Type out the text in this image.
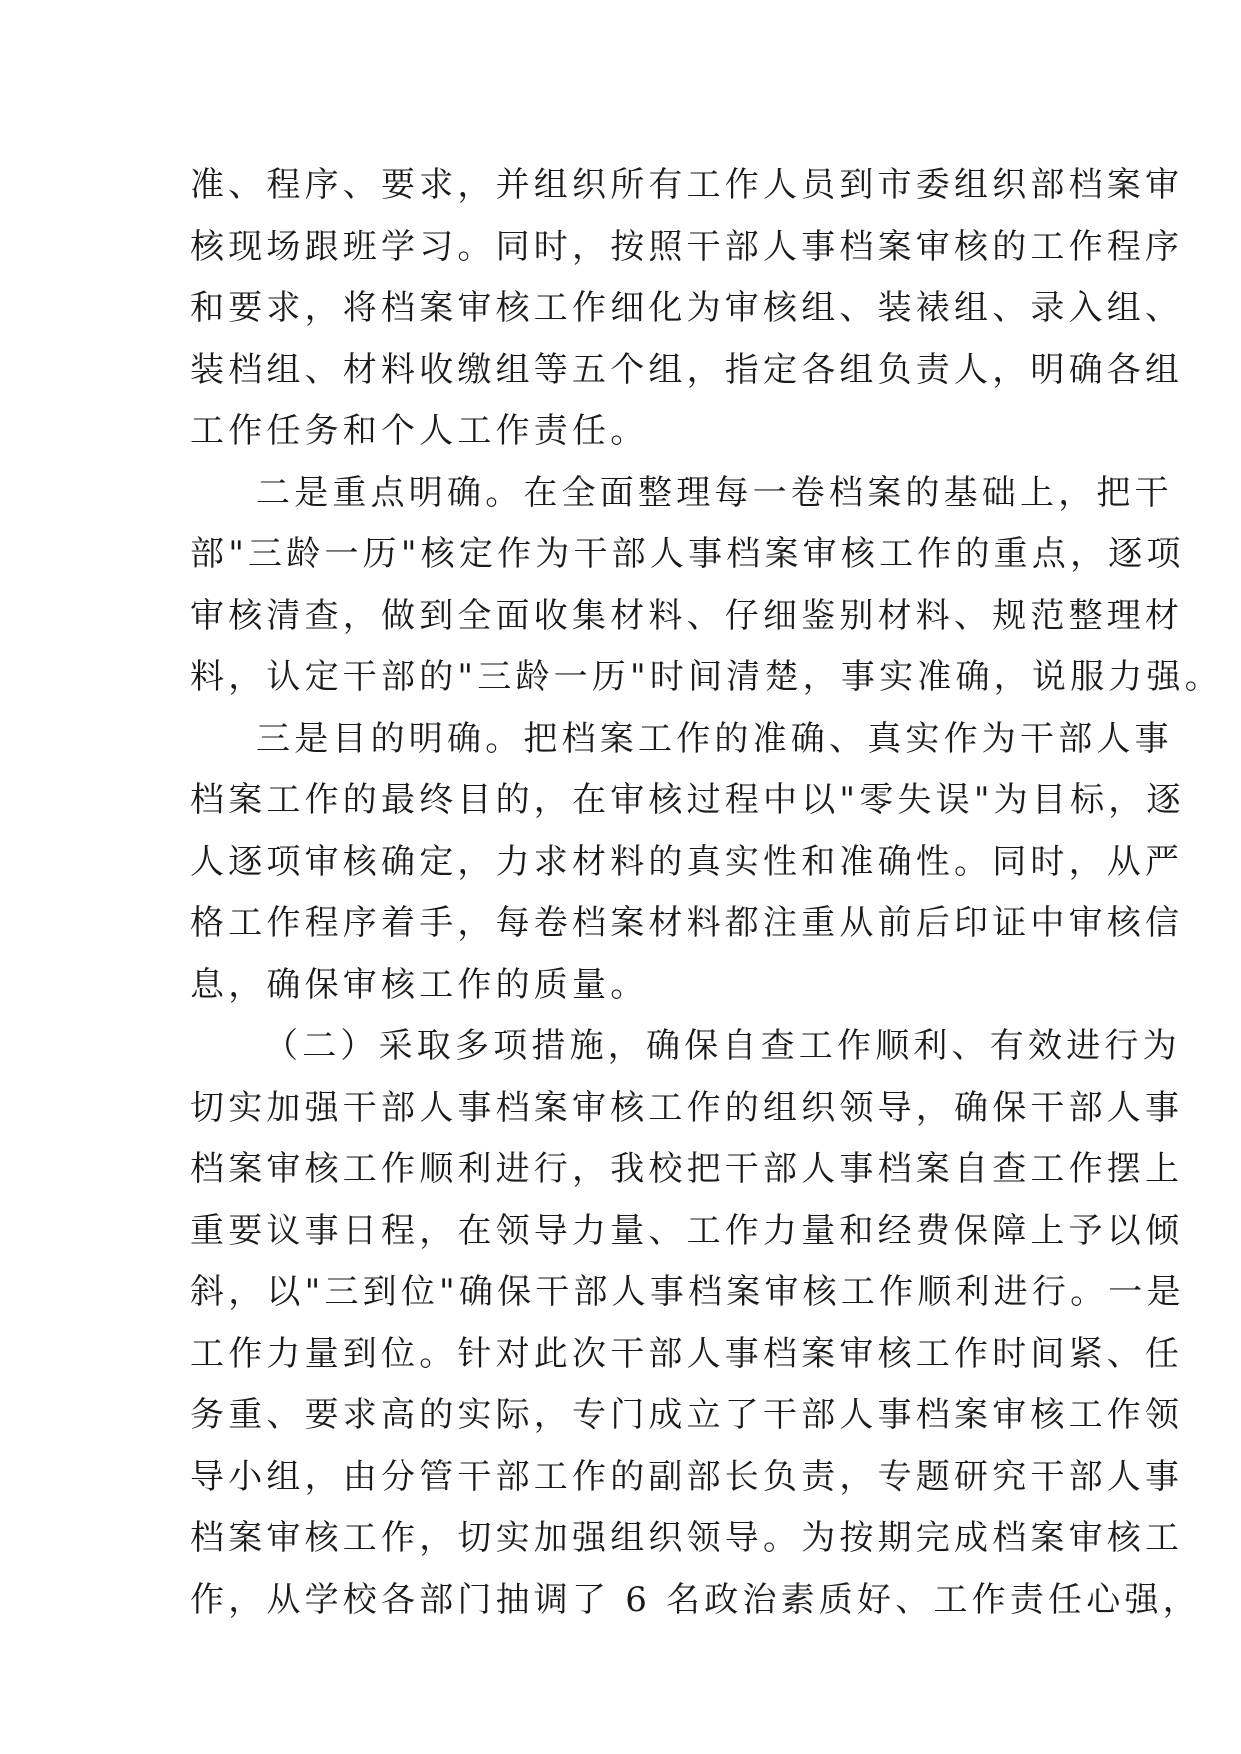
准、程序、要求，并组织所有工作人员到市委组织部档案审
核现场跟班学习。同时，按照干部人事档案审核的工作程序
和要求，将档案审核工作细化为审核组、装裱组、录入组、
装档组、材料收缴组等五个组，指定各组负责人，明确各组
工作任务和个人工作责任。
二是重点明确。在全面整理每一卷档案的基础上，把干
部"三龄一历"核定作为干部人事档案审核工作的重点，逐项
审核清查，做到全面收集材料、仔细鉴别材料、规范整理材
料，认定干部的"三龄一历"时间清楚，事实准确，说服力强。
三是目的明确。把档案工作的准确、真实作为干部人事
档案工作的最终目的，在审核过程中以"零失误"为目标，逐
人逐项审核确定，力求材料的真实性和准确性。同时，从严
格工作程序着手，每卷档案材料都注重从前后印证中审核信
息，确保审核工作的质量。
（二）采取多项措施，确保自查工作顺利、有效进行为
切实加强干部人事档案审核工作的组织领导，确保干部人事
档案审核工作顺利进行，我校把干部人事档案自查工作摆上
重要议事日程，在领导力量、工作力量和经费保障上予以倾
斜，以"三到位"确保干部人事档案审核工作顺利进行。一是
工作力量到位。针对此次干部人事档案审核工作时间紧、任
务重、要求高的实际，专门成立了干部人事档案审核工作领
导小组，由分管干部工作的副部长负责，专题研究干部人事
档案审核工作，切实加强组织领导。为按期完成档案审核工
作，从学校各部门抽调了 6 名政治素质好、工作责任心强，
